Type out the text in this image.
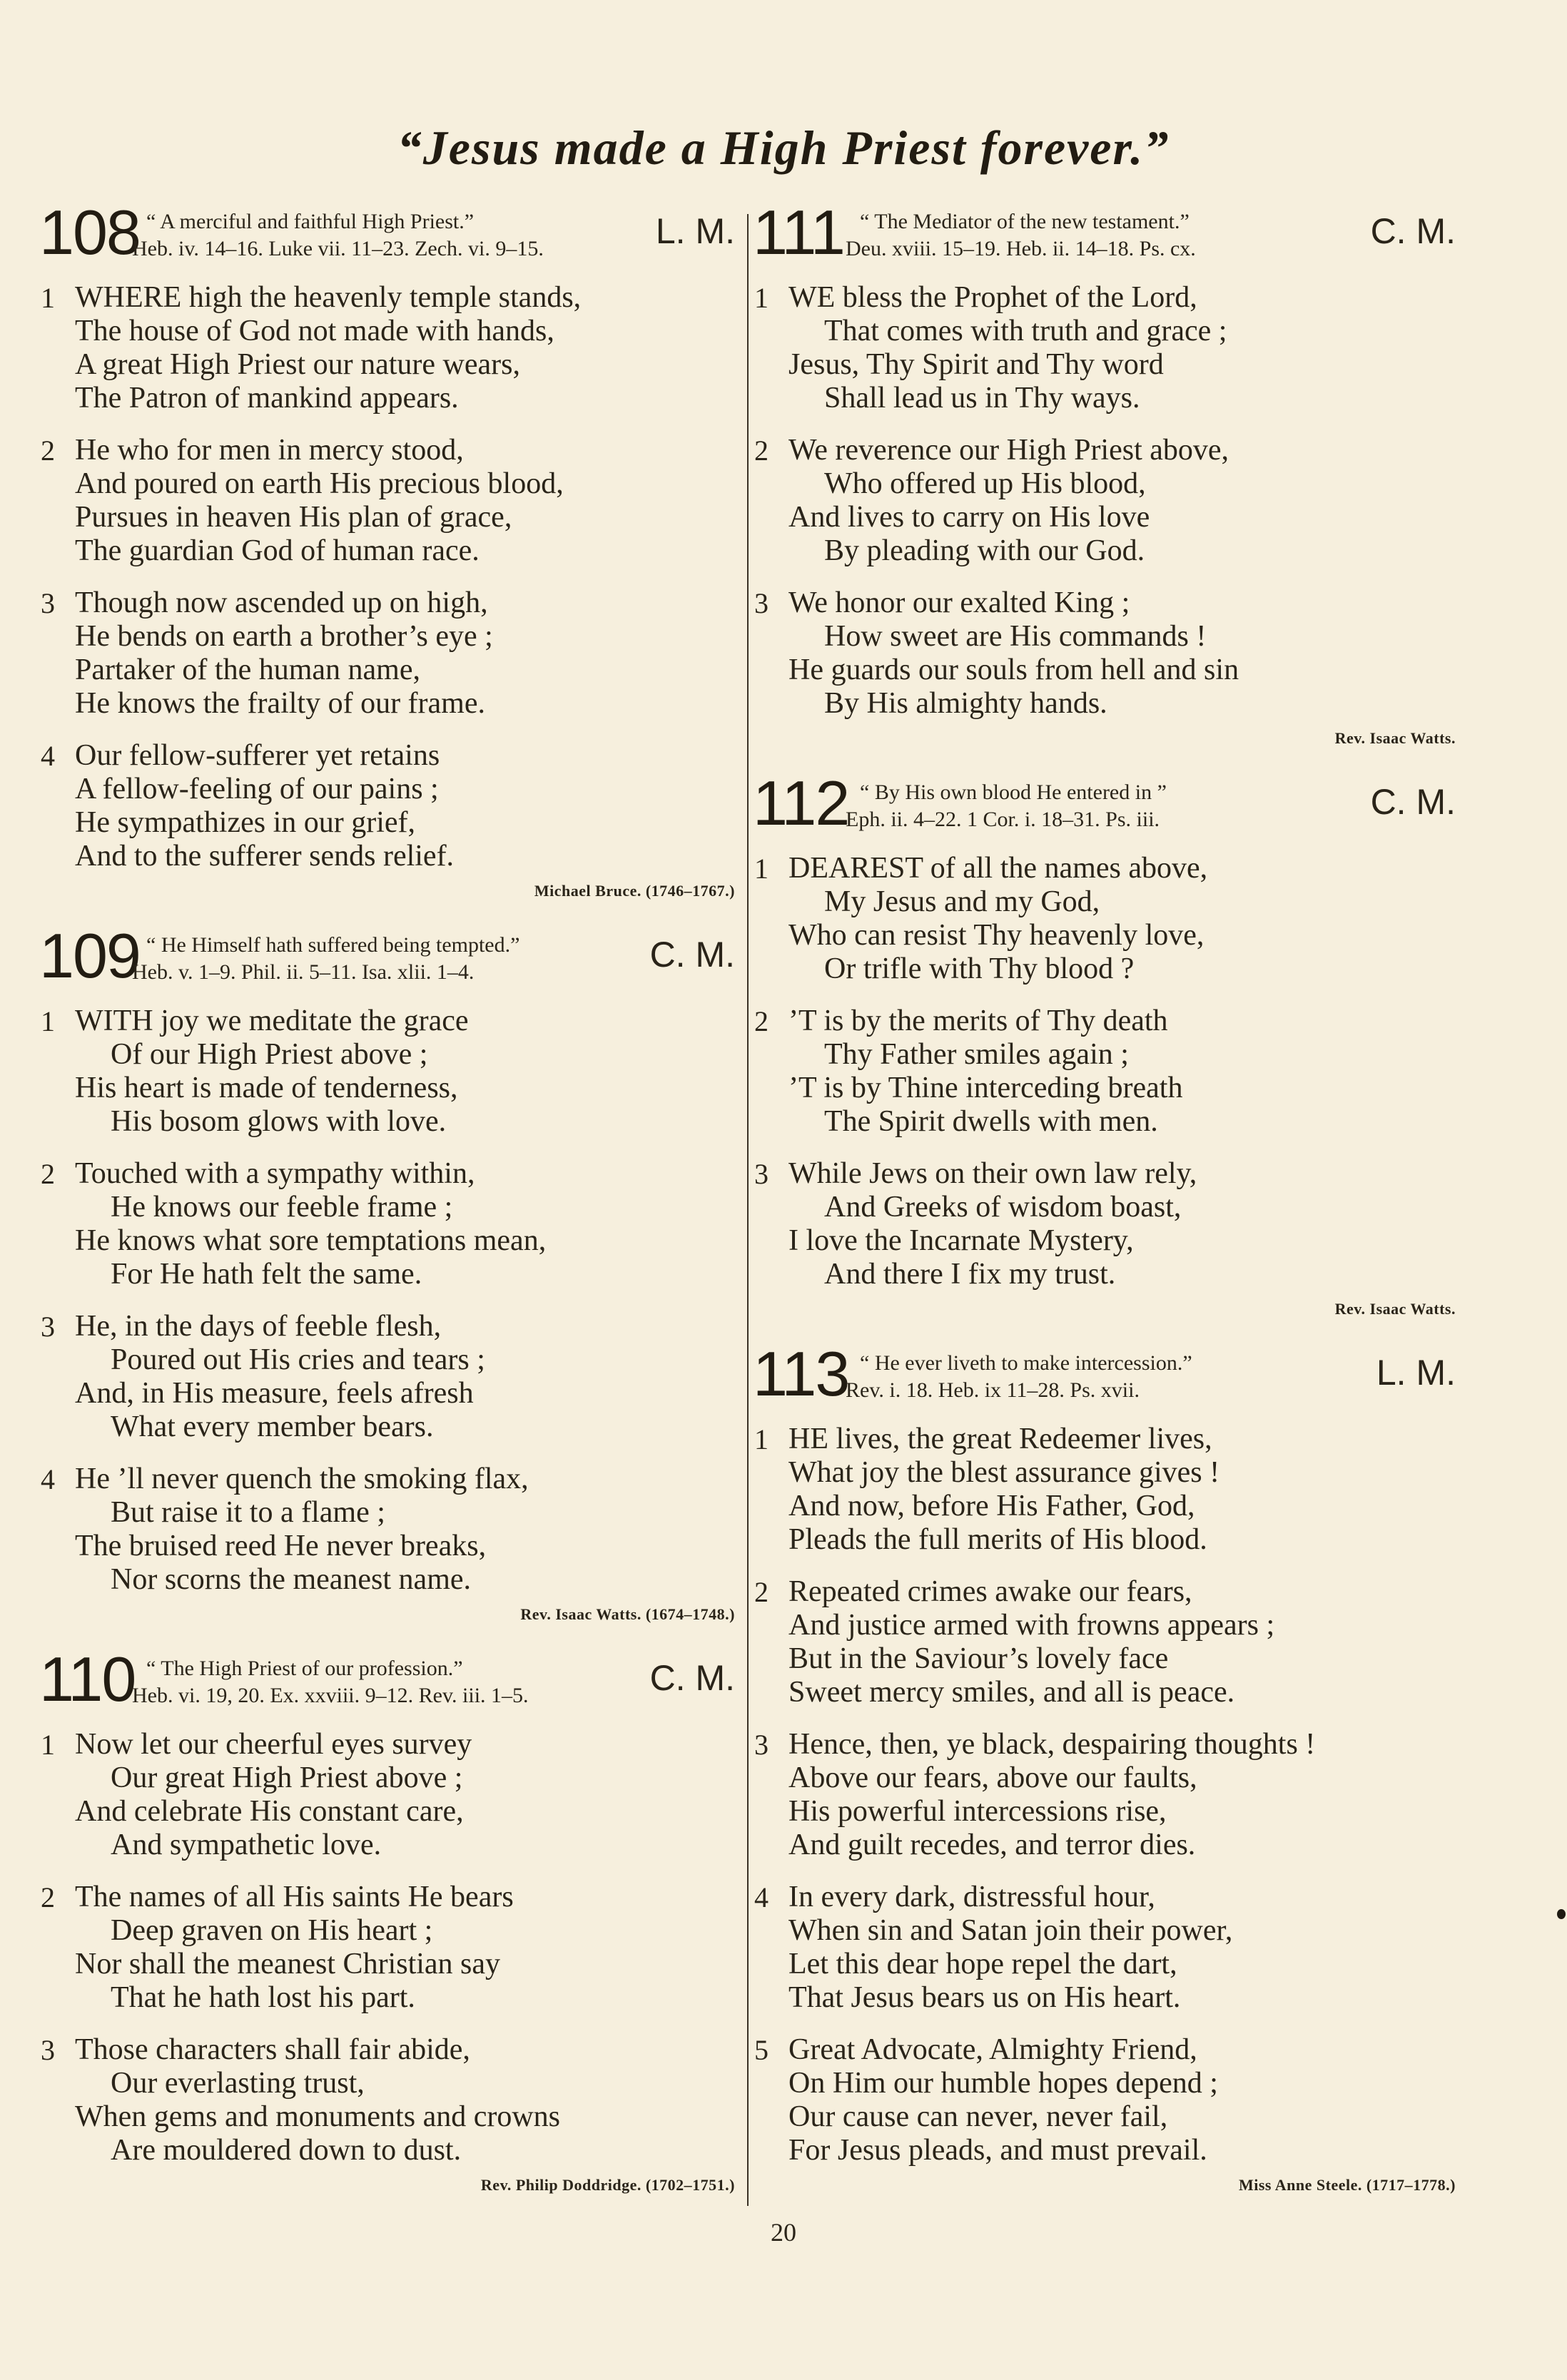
“Jesus made a High Priest forever.”
108 “ A merciful and faithful High Priest.”
Heb. iv. 14–16. Luke vii. 11–23. Zech. vi. 9–15.	L. M.
1 WHERE high the heavenly temple stands,
The house of God not made with hands,
A great High Priest our nature wears,
The Patron of mankind appears.
2 He who for men in mercy stood,
And poured on earth His precious blood,
Pursues in heaven His plan of grace,
The guardian God of human race.
3 Though now ascended up on high,
He bends on earth a brother’s eye ;
Partaker of the human name,
He knows the frailty of our frame.
4 Our fellow-sufferer yet retains
A fellow-feeling of our pains ;
He sympathizes in our grief,
And to the sufferer sends relief.
Michael Bruce. (1746–1767.)
109 “ He Himself hath suffered being tempted.”
Heb. v. 1–9. Phil. ii. 5–11. Isa. xlii. 1–4.	C. M.
1 WITH joy we meditate the grace
Of our High Priest above ;
His heart is made of tenderness,
His bosom glows with love.
2 Touched with a sympathy within,
He knows our feeble frame ;
He knows what sore temptations mean,
For He hath felt the same.
3 He, in the days of feeble flesh,
Poured out His cries and tears ;
And, in His measure, feels afresh
What every member bears.
4 He ’ll never quench the smoking flax,
But raise it to a flame ;
The bruised reed He never breaks,
Nor scorns the meanest name.
Rev. Isaac Watts. (1674–1748.)
110 “ The High Priest of our profession.”
Heb. vi. 19, 20. Ex. xxviii. 9–12. Rev. iii. 1–5.	C. M.
1 Now let our cheerful eyes survey
Our great High Priest above ;
And celebrate His constant care,
And sympathetic love.
2 The names of all His saints He bears
Deep graven on His heart ;
Nor shall the meanest Christian say
That he hath lost his part.
3 Those characters shall fair abide,
Our everlasting trust,
When gems and monuments and crowns
Are mouldered down to dust.
Rev. Philip Doddridge. (1702–1751.)
111 “ The Mediator of the new testament.”
Deu. xviii. 15–19. Heb. ii. 14–18. Ps. cx.	C. M.
1 WE bless the Prophet of the Lord,
That comes with truth and grace ;
Jesus, Thy Spirit and Thy word
Shall lead us in Thy ways.
2 We reverence our High Priest above,
Who offered up His blood,
And lives to carry on His love
By pleading with our God.
3 We honor our exalted King ;
How sweet are His commands !
He guards our souls from hell and sin
By His almighty hands.
Rev. Isaac Watts.
112 “ By His own blood He entered in ”
Eph. ii. 4–22. 1 Cor. i. 18–31. Ps. iii.	C. M.
1 DEAREST of all the names above,
My Jesus and my God,
Who can resist Thy heavenly love,
Or trifle with Thy blood ?
2 ’T is by the merits of Thy death
Thy Father smiles again ;
’T is by Thine interceding breath
The Spirit dwells with men.
3 While Jews on their own law rely,
And Greeks of wisdom boast,
I love the Incarnate Mystery,
And there I fix my trust.
Rev. Isaac Watts.
113 “ He ever liveth to make intercession.”
Rev. i. 18. Heb. ix 11–28. Ps. xvii.	L. M.
1 HE lives, the great Redeemer lives,
What joy the blest assurance gives !
And now, before His Father, God,
Pleads the full merits of His blood.
2 Repeated crimes awake our fears,
And justice armed with frowns appears ;
But in the Saviour’s lovely face
Sweet mercy smiles, and all is peace.
3 Hence, then, ye black, despairing thoughts !
Above our fears, above our faults,
His powerful intercessions rise,
And guilt recedes, and terror dies.
4 In every dark, distressful hour,
When sin and Satan join their power,
Let this dear hope repel the dart,
That Jesus bears us on His heart.
5 Great Advocate, Almighty Friend,
On Him our humble hopes depend ;
Our cause can never, never fail,
For Jesus pleads, and must prevail.
Miss Anne Steele. (1717–1778.)
20
